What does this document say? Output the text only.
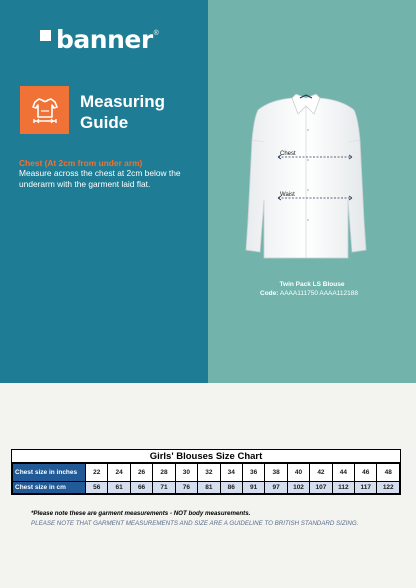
banner ®
Measuring
Guide
Chest (At 2cm from under arm)
Measure across the chest at 2cm below the underarm with the garment laid flat.
Chest
Waist
Twin Pack LS Blouse
Code: AAAA111750 AAAA112188
Girls' Blouses Size Chart
Chest size in inches	22	24	26	28	30	32	34	36	38	40	42	44	46	48
Chest size in cm	56	61	66	71	76	81	86	91	97	102	107	112	117	122
*Please note these are garment measurements - NOT body measurements.
PLEASE NOTE THAT GARMENT MEASUREMENTS AND SIZE ARE A GUIDELINE TO BRITISH STANDARD SIZING.
